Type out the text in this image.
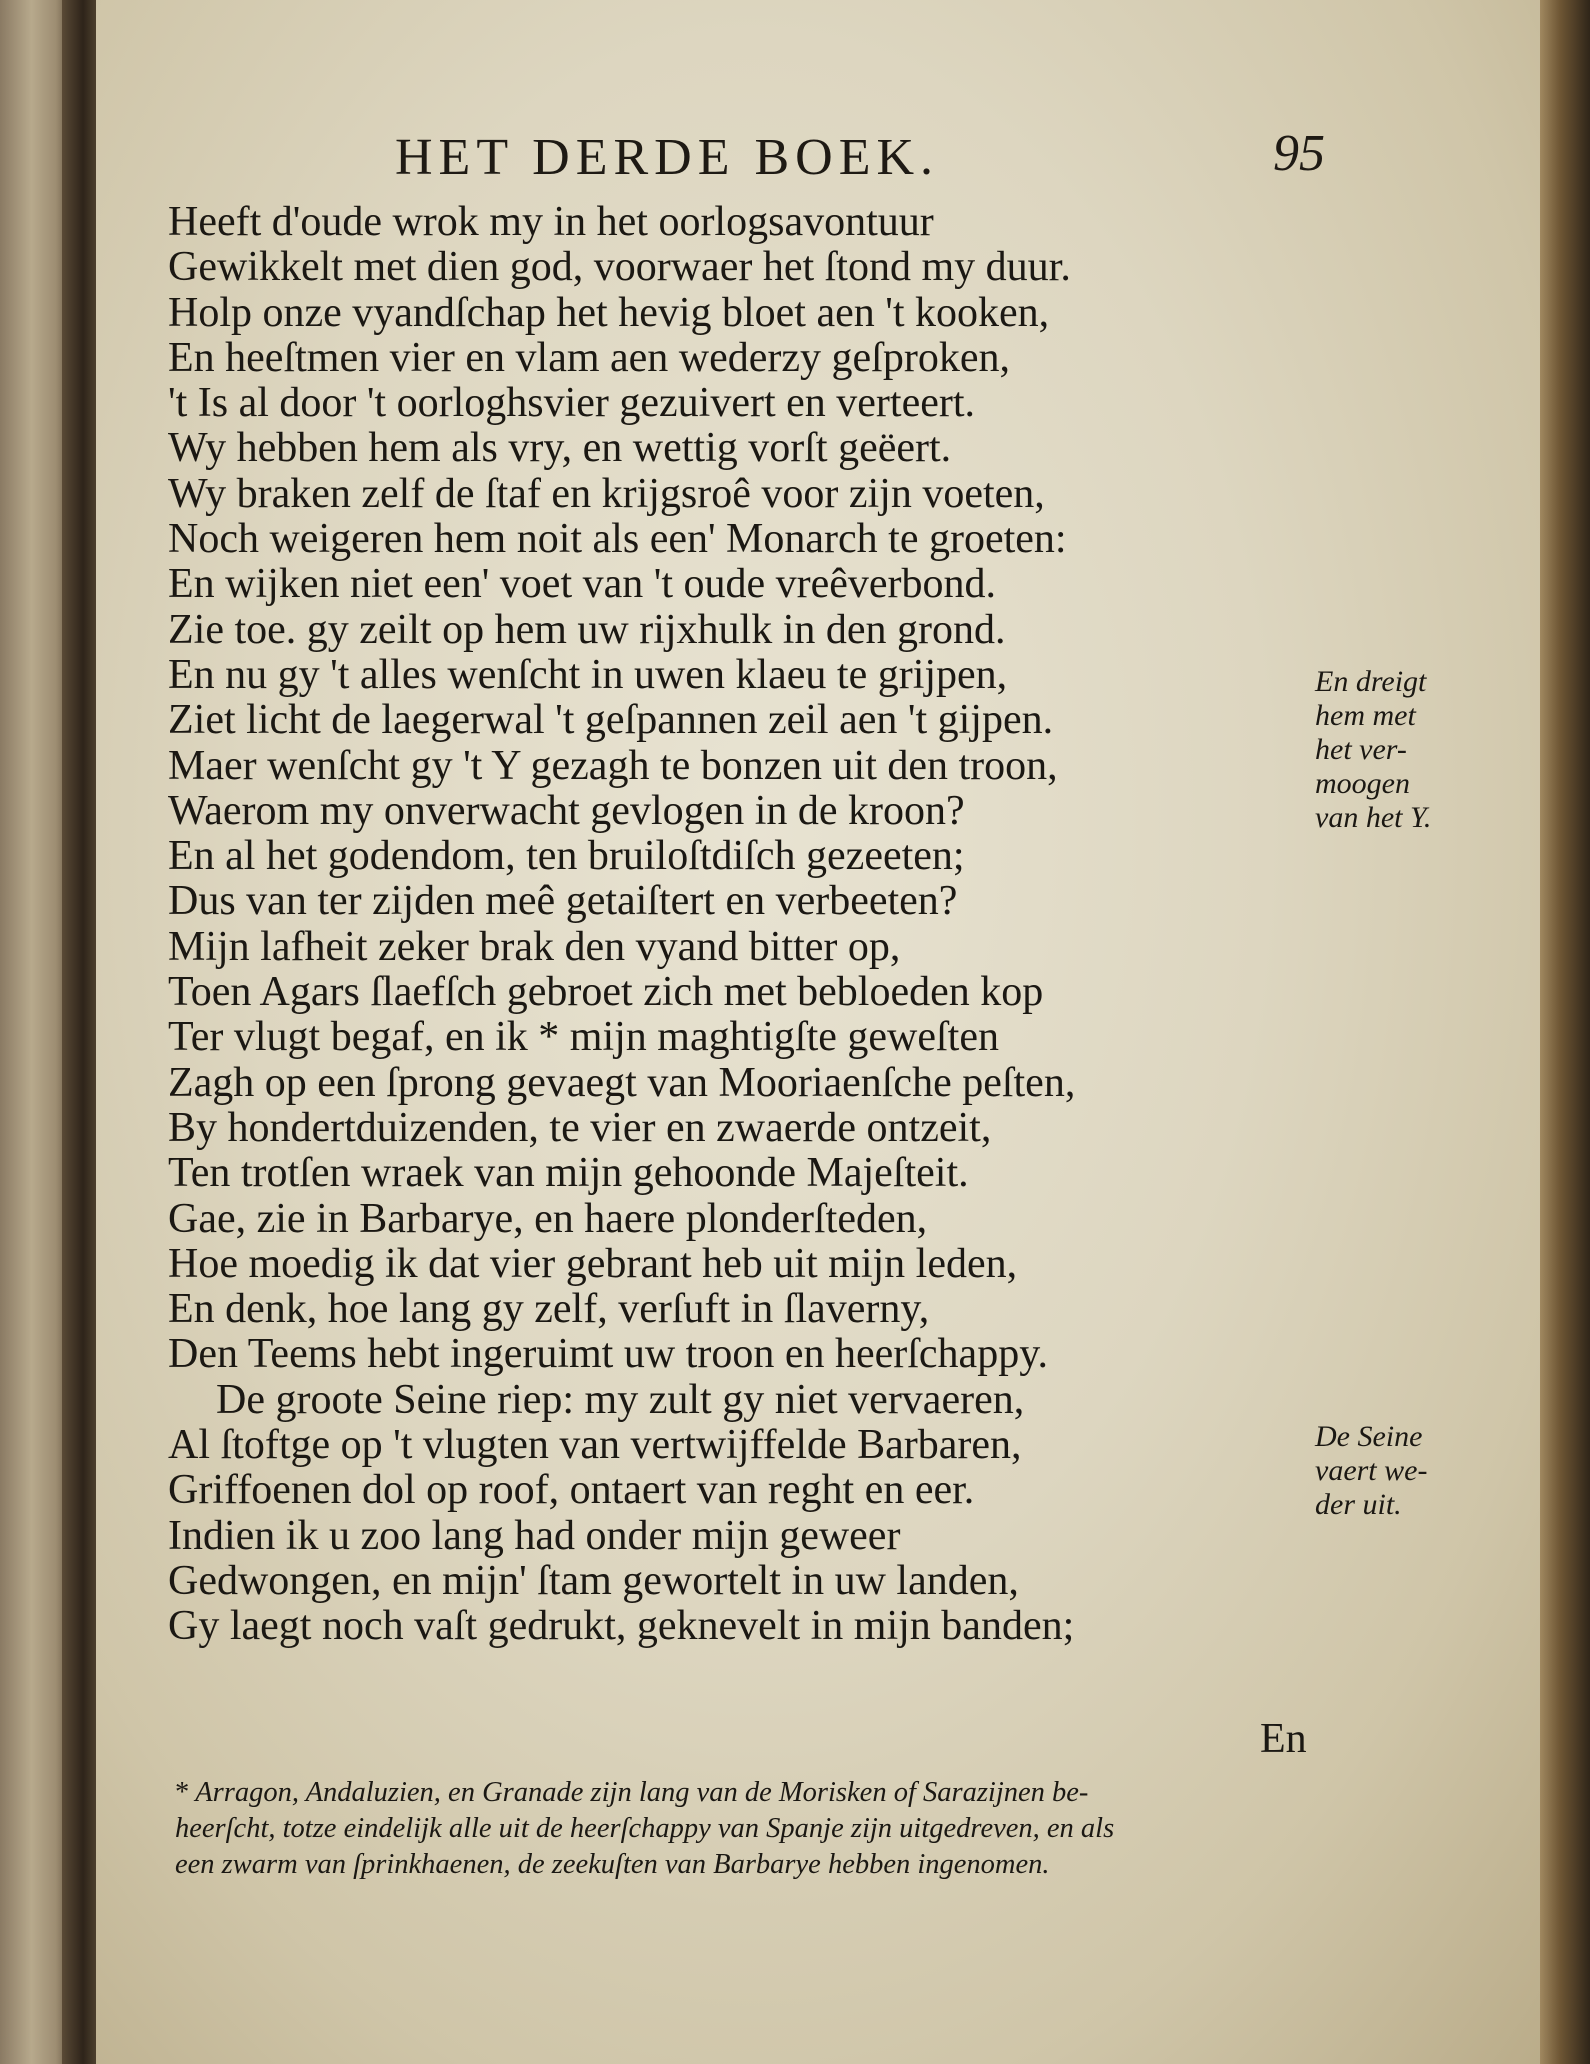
HET DERDE BOEK.	95
Heeft d'oude wrok my in het oorlogsavontuur
Gewikkelt met dien god, voorwaer het ſtond my duur.
Holp onze vyandſchap het hevig bloet aen 't kooken,
En heeſtmen vier en vlam aen wederzy geſproken,
't Is al door 't oorloghsvier gezuivert en verteert.
Wy hebben hem als vry, en wettig vorſt geëert.
Wy braken zelf de ſtaf en krijgsroê voor zijn voeten,
Noch weigeren hem noit als een' Monarch te groeten:
En wijken niet een' voet van 't oude vreêverbond.
Zie toe. gy zeilt op hem uw rijxhulk in den grond.
En nu gy 't alles wenſcht in uwen klaeu te grijpen,
Ziet licht de laegerwal 't geſpannen zeil aen 't gijpen.
Maer wenſcht gy 't Y gezagh te bonzen uit den troon,
Waerom my onverwacht gevlogen in de kroon?
En al het godendom, ten bruiloſtdiſch gezeeten;
Dus van ter zijden meê getaiſtert en verbeeten?
Mijn lafheit zeker brak den vyand bitter op,
Toen Agars ſlaefſch gebroet zich met bebloeden kop
Ter vlugt begaf, en ik * mijn maghtigſte geweſten
Zagh op een ſprong gevaegt van Mooriaenſche peſten,
By hondertduizenden, te vier en zwaerde ontzeit,
Ten trotſen wraek van mijn gehoonde Majeſteit.
Gae, zie in Barbarye, en haere plonderſteden,
Hoe moedig ik dat vier gebrant heb uit mijn leden,
En denk, hoe lang gy zelf, verſuft in ſlaverny,
Den Teems hebt ingeruimt uw troon en heerſchappy.
De groote Seine riep: my zult gy niet vervaeren,
Al ſtoftge op 't vlugten van vertwijffelde Barbaren,
Griffoenen dol op roof, ontaert van reght en eer.
Indien ik u zoo lang had onder mijn geweer
Gedwongen, en mijn' ſtam gewortelt in uw landen,
Gy laegt noch vaſt gedrukt, geknevelt in mijn banden;
En dreigt
hem met
het ver-
moogen
van het Y.
De Seine
vaert we-
der uit.
En
* Arragon, Andaluzien, en Granade zijn lang van de Morisken of Sarazijnen be-
heerſcht, totze eindelijk alle uit de heerſchappy van Spanje zijn uitgedreven, en als
een zwarm van ſprinkhaenen, de zeekuſten van Barbarye hebben ingenomen.
